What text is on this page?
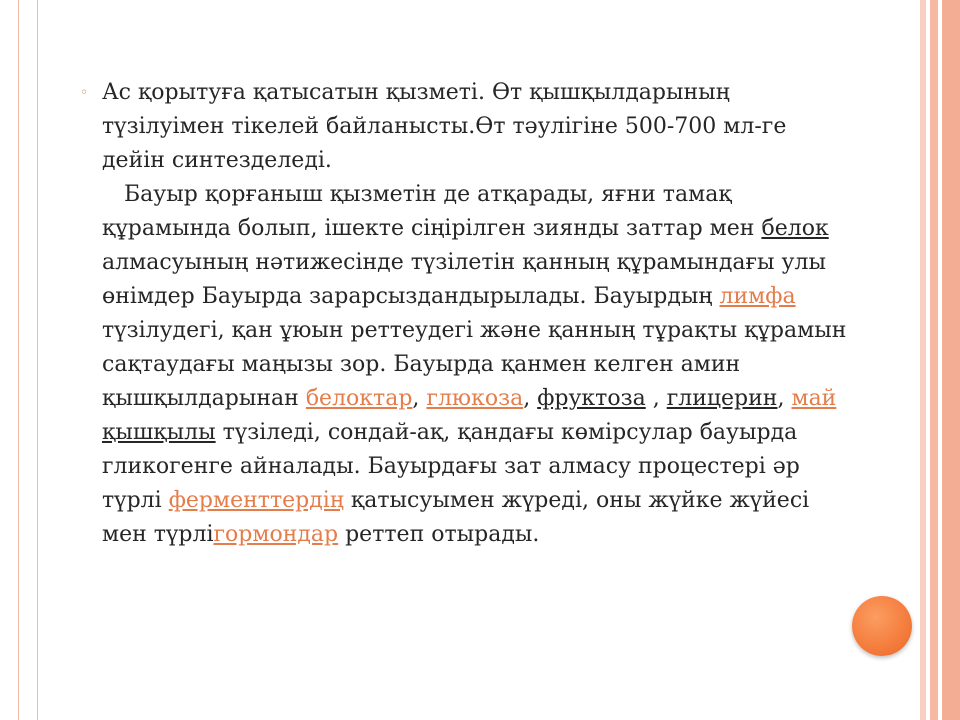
◦ Ас қорытуға қатысатын қызметі. Өт қышқылдарының түзілуімен тікелей байланысты.Өт тәулігіне 500-700 мл-ге дейін синтезделеді.

Бауыр қорғаныш қызметін де атқарады, яғни тамақ құрамында болып, ішекте сіңірілген зиянды заттар мен белок алмасуының нәтижесінде түзілетін қанның құрамындағы улы өнімдер Бауырда зарарсыздандырылады. Бауырдың лимфа түзілудегі, қан ұюын реттеудегі және қанның тұрақты құрамын сақтаудағы маңызы зор. Бауырда қанмен келген амин қышқылдарынан белоктар, глюкоза, фруктоза , глицерин, май қышқылы түзіледі, сондай-ақ, қандағы көмірсулар бауырда гликогенге айналады. Бауырдағы зат алмасу процестері әр түрлі ферменттердің қатысуымен жүреді, оны жүйке жүйесі мен түрлігормондар реттеп отырады.
